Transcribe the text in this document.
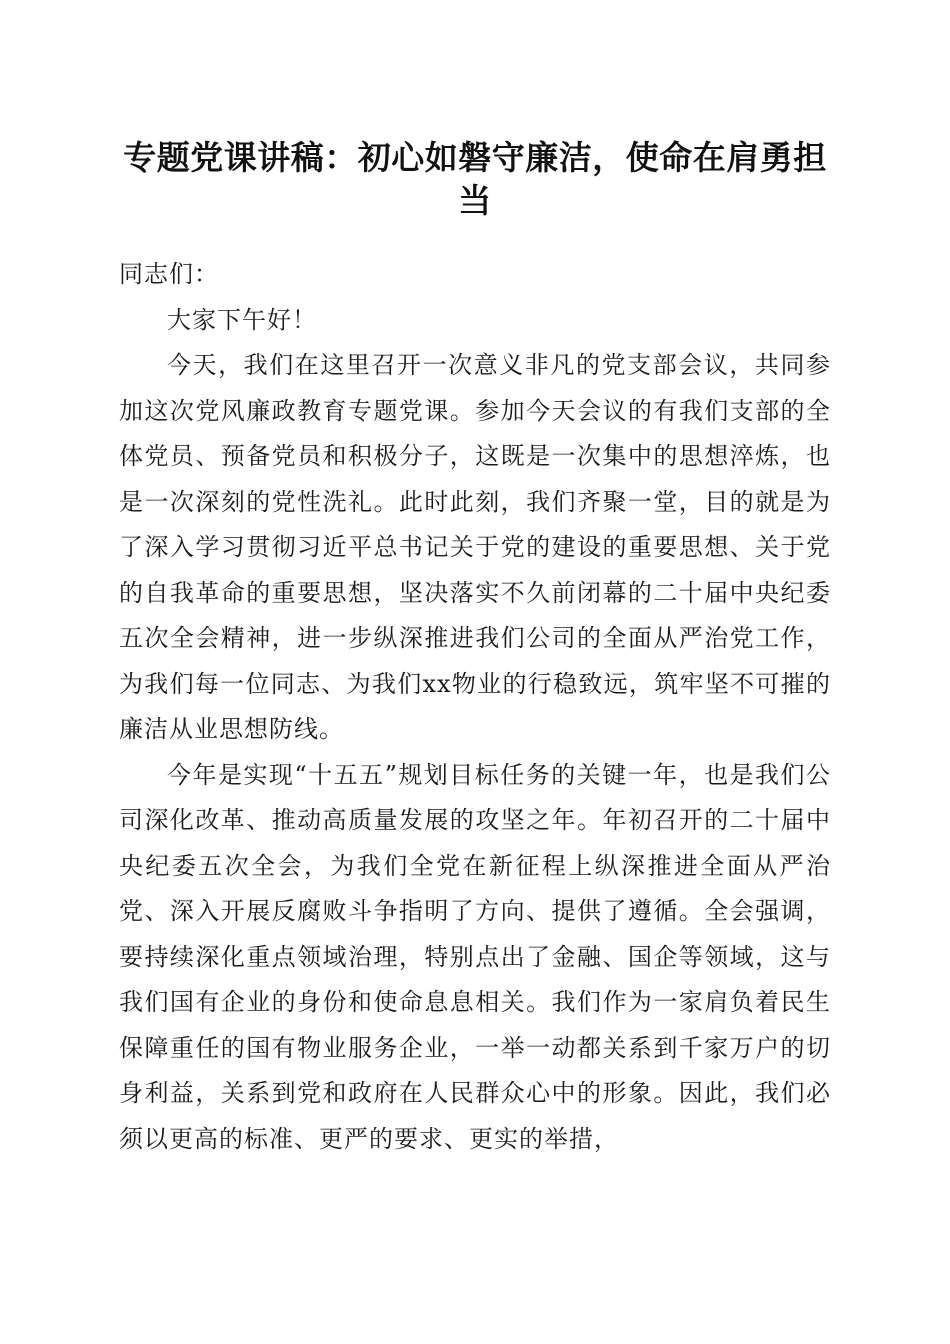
专题党课讲稿：初心如磐守廉洁，使命在肩勇担当

同志们：

大家下午好！

今天，我们在这里召开一次意义非凡的党支部会议，共同参加这次党风廉政教育专题党课。参加今天会议的有我们支部的全体党员、预备党员和积极分子，这既是一次集中的思想淬炼，也是一次深刻的党性洗礼。此时此刻，我们齐聚一堂，目的就是为了深入学习贯彻习近平总书记关于党的建设的重要思想、关于党的自我革命的重要思想，坚决落实不久前闭幕的二十届中央纪委五次全会精神，进一步纵深推进我们公司的全面从严治党工作，为我们每一位同志、为我们xx物业的行稳致远，筑牢坚不可摧的廉洁从业思想防线。

今年是实现“十五五”规划目标任务的关键一年，也是我们公司深化改革、推动高质量发展的攻坚之年。年初召开的二十届中央纪委五次全会，为我们全党在新征程上纵深推进全面从严治党、深入开展反腐败斗争指明了方向、提供了遵循。全会强调，要持续深化重点领域治理，特别点出了金融、国企等领域，这与我们国有企业的身份和使命息息相关。我们作为一家肩负着民生保障重任的国有物业服务企业，一举一动都关系到千家万户的切身利益，关系到党和政府在人民群众心中的形象。因此，我们必须以更高的标准、更严的要求、更实的举措，
